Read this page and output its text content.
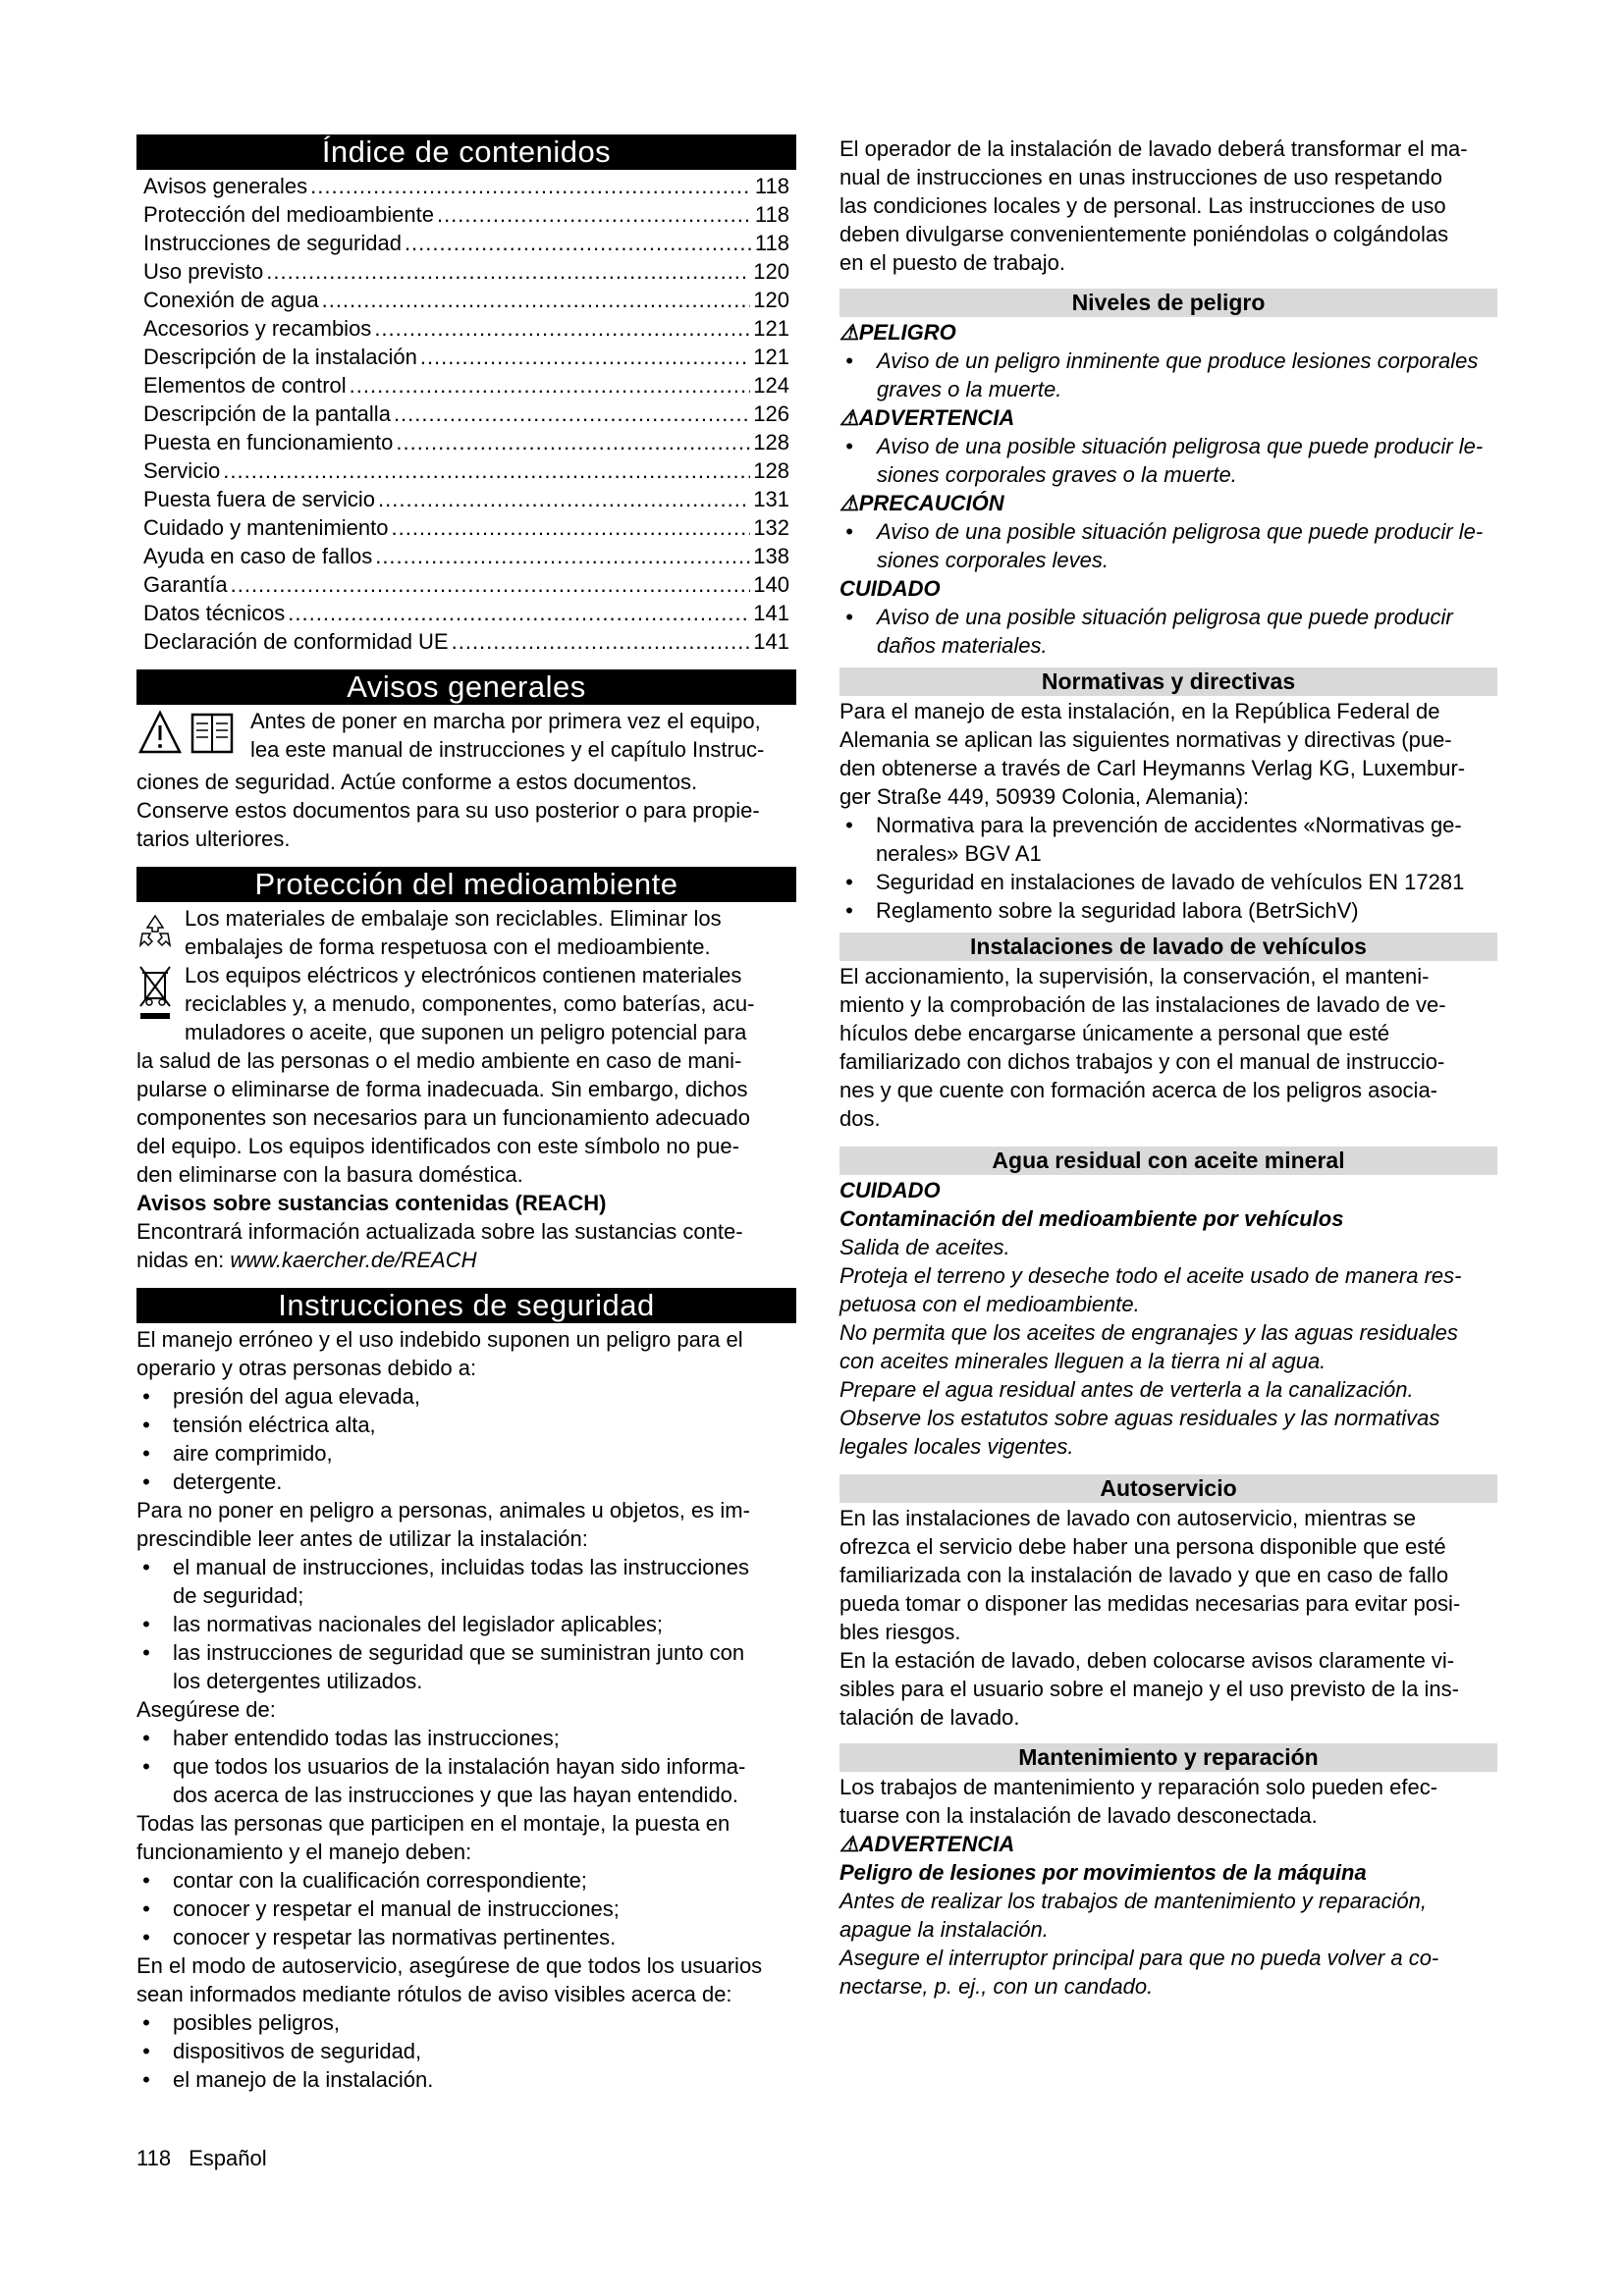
Índice de contenidos
Avisos generales .....	118
Protección del medioambiente .....	118
Instrucciones de seguridad .....	118
Uso previsto .....	120
Conexión de agua .....	120
Accesorios y recambios .....	121
Descripción de la instalación .....	121
Elementos de control .....	124
Descripción de la pantalla .....	126
Puesta en funcionamiento .....	128
Servicio .....	128
Puesta fuera de servicio .....	131
Cuidado y mantenimiento .....	132
Ayuda en caso de fallos .....	138
Garantía .....	140
Datos técnicos .....	141
Declaración de conformidad UE .....	141
Avisos generales

Antes de poner en marcha por primera vez el equipo,

lea este manual de instrucciones y el capítulo Instruc-

ciones de seguridad. Actúe conforme a estos documentos.

Conserve estos documentos para su uso posterior o para propie-

tarios ulteriores.

Protección del medioambiente

Los materiales de embalaje son reciclables. Eliminar los

embalajes de forma respetuosa con el medioambiente.

Los equipos eléctricos y electrónicos contienen materiales

reciclables y, a menudo, componentes, como baterías, acu-

muladores o aceite, que suponen un peligro potencial para

la salud de las personas o el medio ambiente en caso de mani-

pularse o eliminarse de forma inadecuada. Sin embargo, dichos

componentes son necesarios para un funcionamiento adecuado

del equipo. Los equipos identificados con este símbolo no pue-

den eliminarse con la basura doméstica.

Avisos sobre sustancias contenidas (REACH)

Encontrará información actualizada sobre las sustancias conte-

nidas en: www.kaercher.de/REACH

Instrucciones de seguridad

El manejo erróneo y el uso indebido suponen un peligro para el

operario y otras personas debido a:

• presión del agua elevada,
• tensión eléctrica alta,
• aire comprimido,
• detergente.

Para no poner en peligro a personas, animales u objetos, es im-

prescindible leer antes de utilizar la instalación:

• el manual de instrucciones, incluidas todas las instrucciones
de seguridad;
• las normativas nacionales del legislador aplicables;
• las instrucciones de seguridad que se suministran junto con
los detergentes utilizados.

Asegúrese de:

• haber entendido todas las instrucciones;
• que todos los usuarios de la instalación hayan sido informa-
dos acerca de las instrucciones y que las hayan entendido.

Todas las personas que participen en el montaje, la puesta en

funcionamiento y el manejo deben:

• contar con la cualificación correspondiente;
• conocer y respetar el manual de instrucciones;
• conocer y respetar las normativas pertinentes.

En el modo de autoservicio, asegúrese de que todos los usuarios

sean informados mediante rótulos de aviso visibles acerca de:

• posibles peligros,
• dispositivos de seguridad,
• el manejo de la instalación.

El operador de la instalación de lavado deberá transformar el ma-

nual de instrucciones en unas instrucciones de uso respetando

las condiciones locales y de personal. Las instrucciones de uso

deben divulgarse convenientemente poniéndolas o colgándolas

en el puesto de trabajo.

Niveles de peligro

⚠PELIGRO

• Aviso de un peligro inminente que produce lesiones corporales
graves o la muerte.

⚠ADVERTENCIA

• Aviso de una posible situación peligrosa que puede producir le-
siones corporales graves o la muerte.

⚠PRECAUCIÓN

• Aviso de una posible situación peligrosa que puede producir le-
siones corporales leves.

CUIDADO

• Aviso de una posible situación peligrosa que puede producir
daños materiales.
Normativas y directivas

Para el manejo de esta instalación, en la República Federal de

Alemania se aplican las siguientes normativas y directivas (pue-

den obtenerse a través de Carl Heymanns Verlag KG, Luxembur-

ger Straße 449, 50939 Colonia, Alemania):

• Normativa para la prevención de accidentes «Normativas ge-
nerales» BGV A1
• Seguridad en instalaciones de lavado de vehículos EN 17281
• Reglamento sobre la seguridad labora (BetrSichV)
Instalaciones de lavado de vehículos

El accionamiento, la supervisión, la conservación, el manteni-

miento y la comprobación de las instalaciones de lavado de ve-

hículos debe encargarse únicamente a personal que esté

familiarizado con dichos trabajos y con el manual de instruccio-

nes y que cuente con formación acerca de los peligros asocia-

dos.

Agua residual con aceite mineral

CUIDADO

Contaminación del medioambiente por vehículos

Salida de aceites.

Proteja el terreno y deseche todo el aceite usado de manera res-

petuosa con el medioambiente.

No permita que los aceites de engranajes y las aguas residuales

con aceites minerales lleguen a la tierra ni al agua.

Prepare el agua residual antes de verterla a la canalización.

Observe los estatutos sobre aguas residuales y las normativas

legales locales vigentes.

Autoservicio

En las instalaciones de lavado con autoservicio, mientras se

ofrezca el servicio debe haber una persona disponible que esté

familiarizada con la instalación de lavado y que en caso de fallo

pueda tomar o disponer las medidas necesarias para evitar posi-

bles riesgos.

En la estación de lavado, deben colocarse avisos claramente vi-

sibles para el usuario sobre el manejo y el uso previsto de la ins-

talación de lavado.

Mantenimiento y reparación

Los trabajos de mantenimiento y reparación solo pueden efec-

tuarse con la instalación de lavado desconectada.

⚠ADVERTENCIA

Peligro de lesiones por movimientos de la máquina

Antes de realizar los trabajos de mantenimiento y reparación,

apague la instalación.

Asegure el interruptor principal para que no pueda volver a co-

nectarse, p. ej., con un candado.

118 Español
